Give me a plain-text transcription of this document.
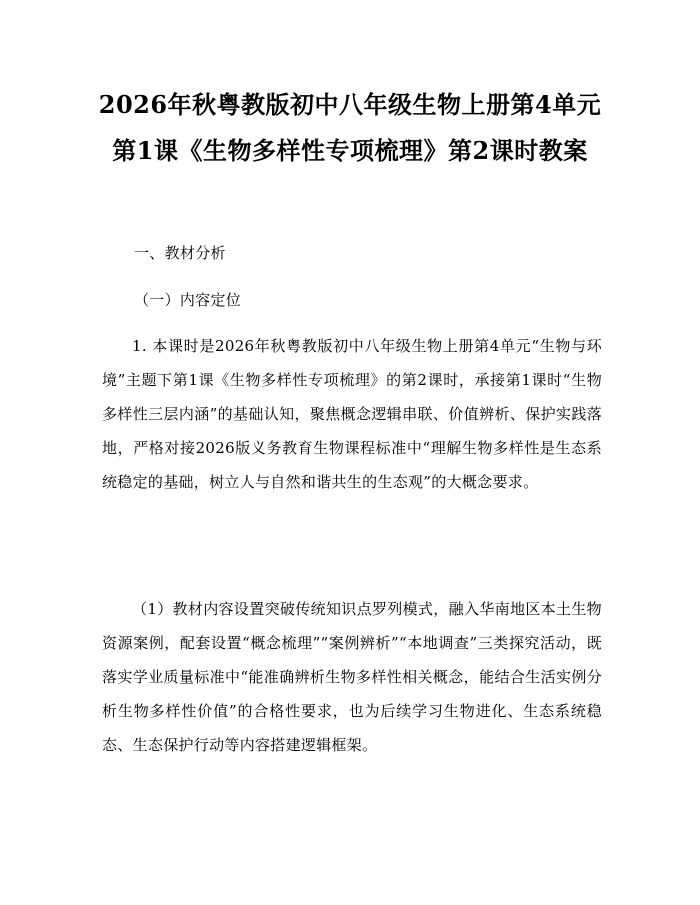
2026年秋粤教版初中八年级生物上册第4单元第1课《生物多样性专项梳理》第2课时教案
一、教材分析
（一）内容定位
1. 本课时是2026年秋粤教版初中八年级生物上册第4单元“生物与环境”主题下第1课《生物多样性专项梳理》的第2课时，承接第1课时“生物多样性三层内涵”的基础认知，聚焦概念逻辑串联、价值辨析、保护实践落地，严格对接2026版义务教育生物课程标准中“理解生物多样性是生态系统稳定的基础，树立人与自然和谐共生的生态观”的大概念要求。
（1）教材内容设置突破传统知识点罗列模式，融入华南地区本土生物资源案例，配套设置“概念梳理”“案例辨析”“本地调查”三类探究活动，既落实学业质量标准中“能准确辨析生物多样性相关概念，能结合生活实例分析生物多样性价值”的合格性要求，也为后续学习生物进化、生态系统稳态、生态保护行动等内容搭建逻辑框架。
